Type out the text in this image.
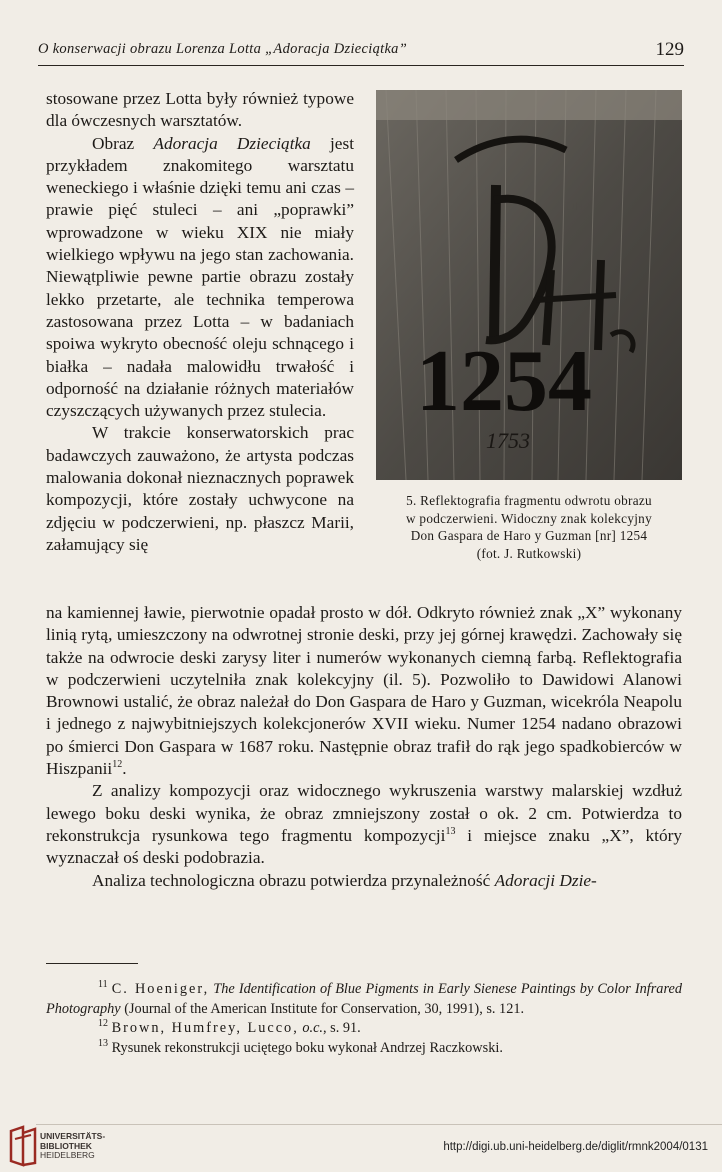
O konserwacji obrazu Lorenza Lotta „Adoracja Dzieciątka”	129

stosowane przez Lotta były również typowe dla ówczesnych warsztatów.

Obraz Adoracja Dzieciątka jest przykładem znakomitego warsztatu weneckiego i właśnie dzięki temu ani czas – prawie pięć stuleci – ani „poprawki” wprowadzone w wieku XIX nie miały wielkiego wpływu na jego stan zachowania. Niewątpliwie pewne partie obrazu zostały lekko przetarte, ale technika temperowa zastosowana przez Lotta – w badaniach spoiwa wykryto obecność oleju schnącego i białka – nadała malowidłu trwałość i odporność na działanie różnych materiałów czyszczących używanych przez stulecia.

W trakcie konserwatorskich prac badawczych zauważono, że artysta podczas malowania dokonał nieznacznych poprawek kompozycji, które zostały uchwycone na zdjęciu w podczerwieni, np. płaszcz Marii, załamujący się

1254
1753
5. Reflektografia fragmentu odwrotu obrazu
w podczerwieni. Widoczny znak kolekcyjny
Don Gaspara de Haro y Guzman [nr] 1254
(fot. J. Rutkowski)

na kamiennej ławie, pierwotnie opadał prosto w dół. Odkryto również znak „X” wykonany linią rytą, umieszczony na odwrotnej stronie deski, przy jej górnej krawędzi. Zachowały się także na odwrocie deski zarysy liter i numerów wykonanych ciemną farbą. Reflektografia w podczerwieni uczytelniła znak kolekcyjny (il. 5). Pozwoliło to Dawidowi Alanowi Brownowi ustalić, że obraz należał do Don Gaspara de Haro y Guzman, wicekróla Neapolu i jednego z najwybitniejszych kolekcjonerów XVII wieku. Numer 1254 nadano obrazowi po śmierci Don Gaspara w 1687 roku. Następnie obraz trafił do rąk jego spadkobierców w Hiszpanii$^{12}$.

Z analizy kompozycji oraz widocznego wykruszenia warstwy malarskiej wzdłuż lewego boku deski wynika, że obraz zmniejszony został o ok. 2 cm. Potwierdza to rekonstrukcja rysunkowa tego fragmentu kompozycji$^{13}$ i miejsce znaku „X”, który wyznaczał oś deski podobrazia.

Analiza technologiczna obrazu potwierdza przynależność Adoracji Dzie-

$^{11}$ C. Hoeniger, The Identification of Blue Pigments in Early Sienese Paintings by Color Infrared Photography (Journal of the American Institute for Conservation, 30, 1991), s. 121.

$^{12}$ Brown, Humfrey, Lucco, o.c., s. 91.

$^{13}$ Rysunek rekonstrukcji uciętego boku wykonał Andrzej Raczkowski.

UNIVERSITÄTS-
BIBLIOTHEK
HEIDELBERG
http://digi.ub.uni-heidelberg.de/diglit/rmnk2004/0131
